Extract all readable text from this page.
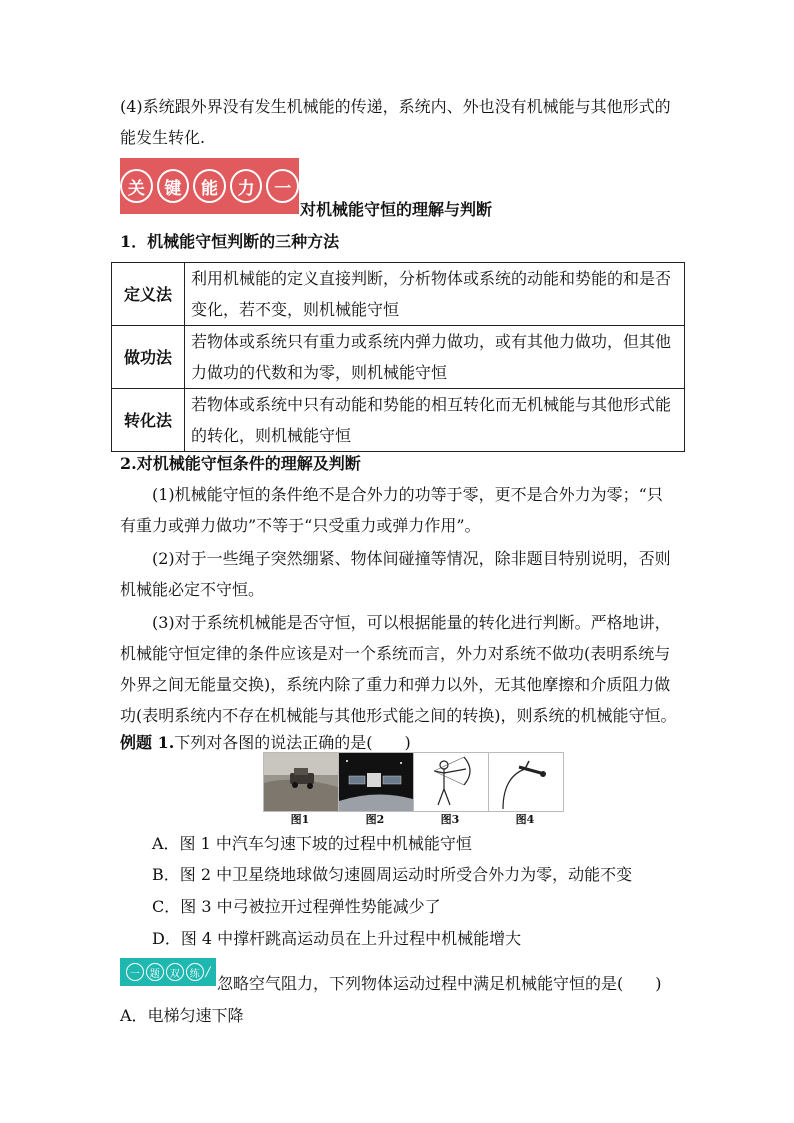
(4)系统跟外界没有发生机械能的传递，系统内、外也没有机械能与其他形式的
能发生转化.
关	键	能	力	一
对机械能守恒的理解与判断
1．机械能守恒判断的三种方法
定义法	利用机械能的定义直接判断，分析物体或系统的动能和势能的和是否
变化，若不变，则机械能守恒

做功法	若物体或系统只有重力或系统内弹力做功，或有其他力做功，但其他
力做功的代数和为零，则机械能守恒

转化法	若物体或系统中只有动能和势能的相互转化而无机械能与其他形式能
的转化，则机械能守恒
2.对机械能守恒条件的理解及判断
(1)机械能守恒的条件绝不是合外力的功等于零，更不是合外力为零；“只
有重力或弹力做功”不等于“只受重力或弹力作用”。
(2)对于一些绳子突然绷紧、物体间碰撞等情况，除非题目特别说明，否则
机械能必定不守恒。
(3)对于系统机械能是否守恒，可以根据能量的转化进行判断。严格地讲，
机械能守恒定律的条件应该是对一个系统而言，外力对系统不做功(表明系统与
外界之间无能量交换)，系统内除了重力和弹力以外，无其他摩擦和介质阻力做
功(表明系统内不存在机械能与其他形式能之间的转换)，则系统的机械能守恒。
例题 1.下列对各图的说法正确的是(　　)
图1	图2	图3	图4
A．图 1 中汽车匀速下坡的过程中机械能守恒
B．图 2 中卫星绕地球做匀速圆周运动时所受合外力为零，动能不变
C．图 3 中弓被拉开过程弹性势能减少了
D．图 4 中撑杆跳高运动员在上升过程中机械能增大
一	题	双	练 /
忽略空气阻力，下列物体运动过程中满足机械能守恒的是(　　)
A．电梯匀速下降
